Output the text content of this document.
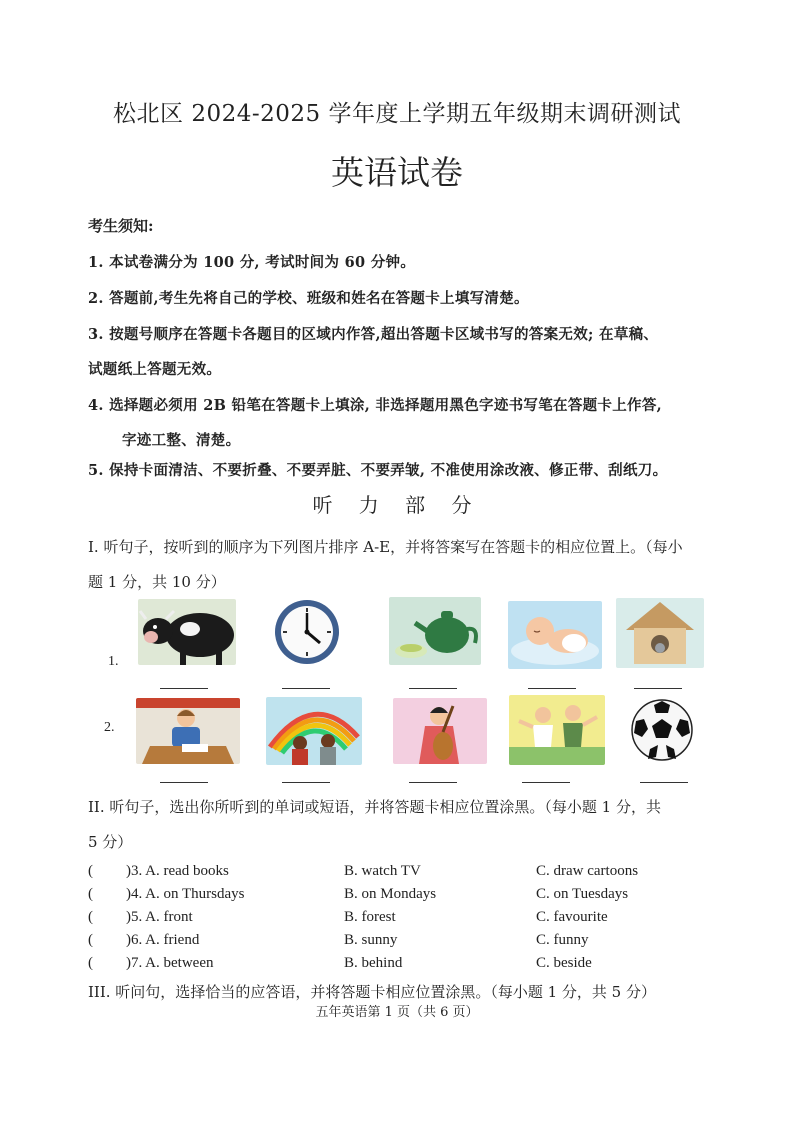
松北区 2024-2025 学年度上学期五年级期末调研测试
英语试卷
考生须知:
1. 本试卷满分为 100 分, 考试时间为 60 分钟。
2. 答题前,考生先将自己的学校、班级和姓名在答题卡上填写清楚。
3. 按题号顺序在答题卡各题目的区域内作答,超出答题卡区域书写的答案无效; 在草稿、
试题纸上答题无效。
4. 选择题必须用 2B 铅笔在答题卡上填涂, 非选择题用黑色字迹书写笔在答题卡上作答,
字迹工整、清楚。
5. 保持卡面清洁、不要折叠、不要弄脏、不要弄皱, 不准使用涂改液、修正带、刮纸刀。
听 力 部 分
I. 听句子，按听到的顺序为下列图片排序 A-E，并将答案写在答题卡的相应位置上。（每小
题 1 分，共 10 分）
1.
2.
II. 听句子，选出你所听到的单词或短语，并将答题卡相应位置涂黑。（每小题 1 分，共
5 分）
( )3. A. read books	B. watch TV	C. draw cartoons
( )4. A. on Thursdays	B. on Mondays	C. on Tuesdays
( )5. A. front	B. forest	C. favourite
( )6. A. friend	B. sunny	C. funny
( )7. A. between	B. behind	C. beside
III. 听问句，选择恰当的应答语，并将答题卡相应位置涂黑。（每小题 1 分，共 5 分）
五年英语第 1 页（共 6 页）
